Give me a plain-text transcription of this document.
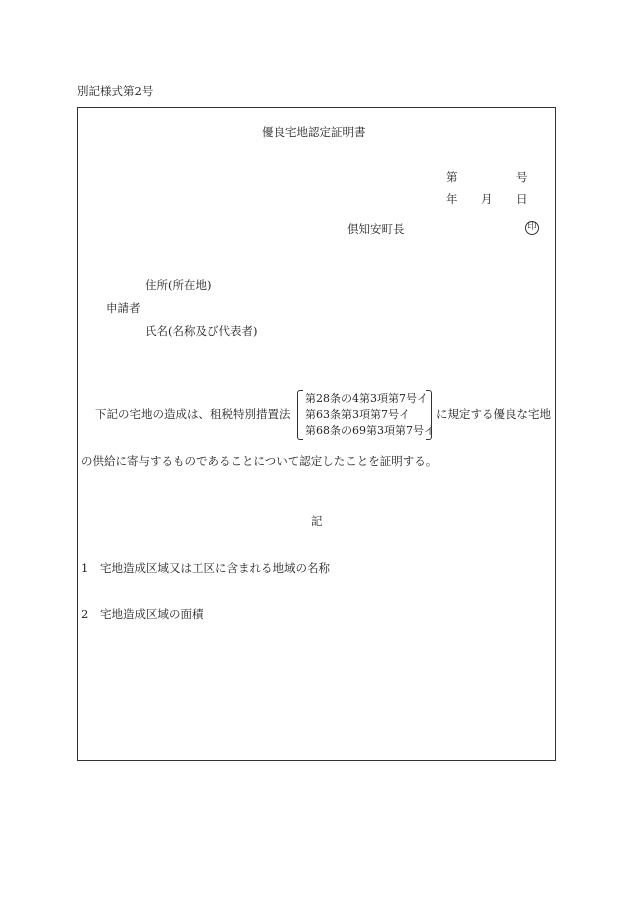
別記様式第2号
優良宅地認定証明書
第	号
年 月 日
倶知安町長	印
住所(所在地)
申請者
氏名(名称及び代表者)
下記の宅地の造成は、租税特別措置法
第28条の4第3項第7号イ
第63条第3項第7号イ
第68条の69第3項第7号イ
に規定する優良な宅地
の供給に寄与するものであることについて認定したことを証明する。
記
1 宅地造成区域又は工区に含まれる地域の名称
2 宅地造成区域の面積
